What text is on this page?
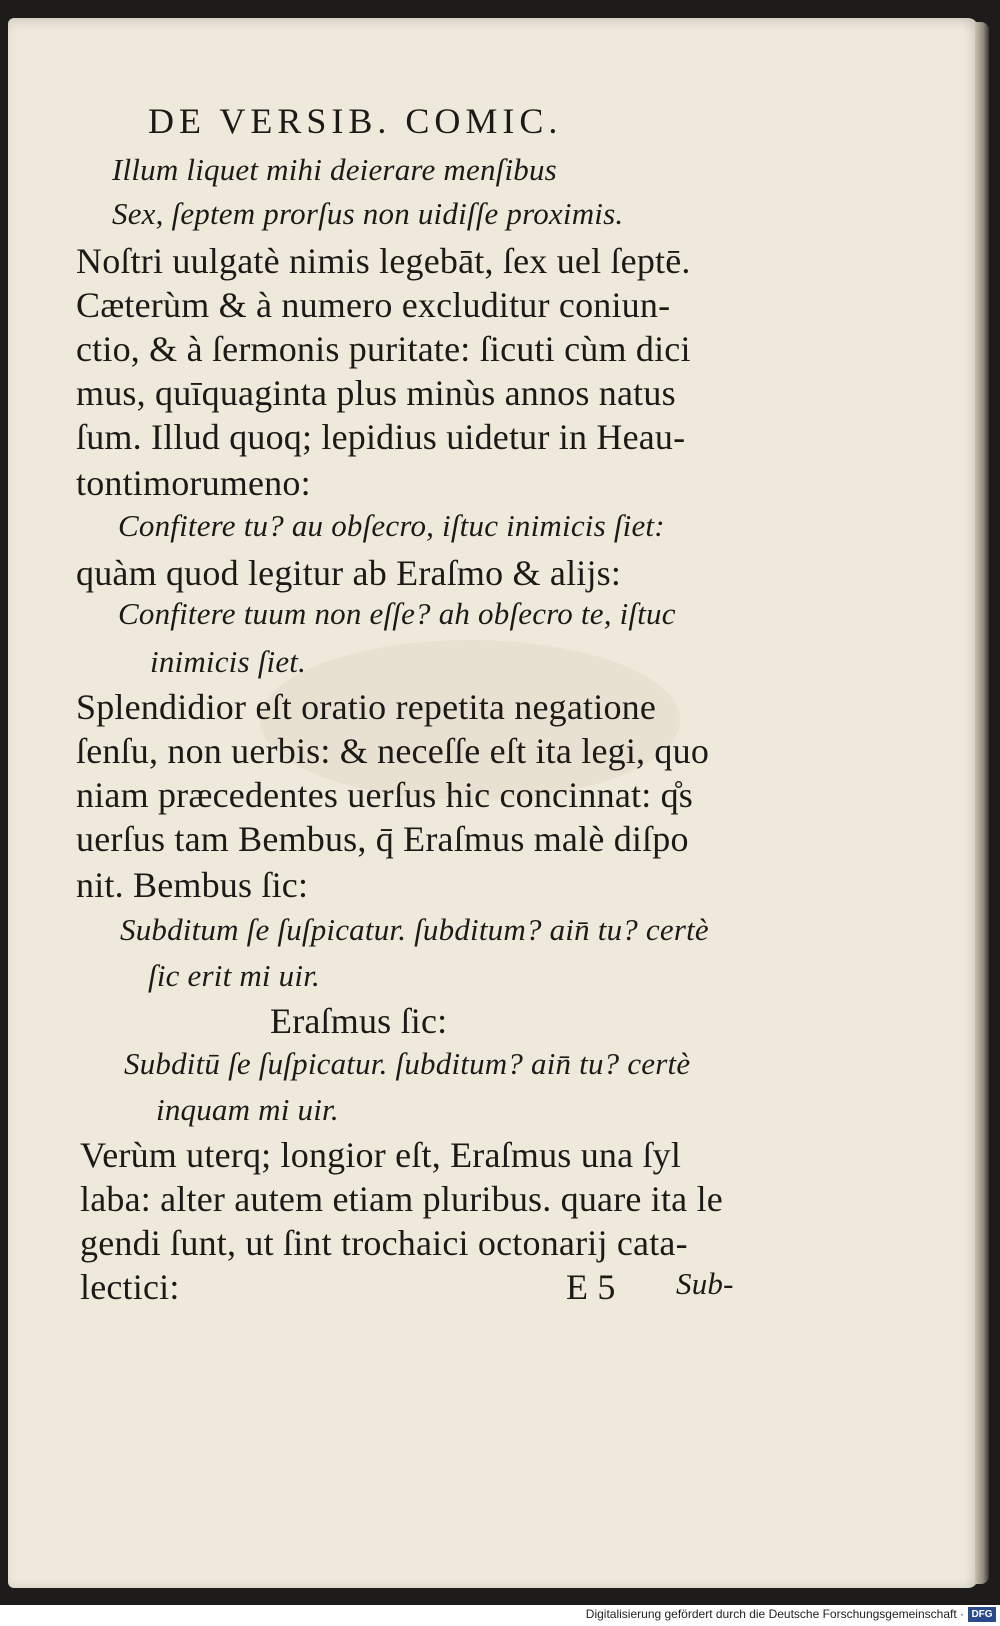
DE VERSIB. COMIC.
Illum liquet mihi deierare menſibus
Sex, ſeptem prorſus non uidiſſe proximis.
Noſtri uulgatè nimis legebāt, ſex uel ſeptē.
Cæterùm & à numero excluditur coniun-
ctio, & à ſermonis puritate: ſicuti cùm dici
mus, quīquaginta plus minùs annos natus
ſum. Illud quoq; lepidius uidetur in Heau-
tontimorumeno:
Confitere tu? au obſecro, iſtuc inimicis ſiet:
quàm quod legitur ab Eraſmo & alijs:
Confitere tuum non eſſe? ah obſecro te, iſtuc
inimicis ſiet.
Splendidior eſt oratio repetita negatione
ſenſu, non uerbis: & neceſſe eſt ita legi, quo
niam præcedentes uerſus hic concinnat: q̊s
uerſus tam Bembus, q̄ Eraſmus malè diſpo
nit. Bembus ſic:
Subditum ſe ſuſpicatur. ſubditum? ain̄ tu? certè
ſic erit mi uir.
Eraſmus ſic:
Subditū ſe ſuſpicatur. ſubditum? ain̄ tu? certè
inquam mi uir.
Verùm uterq; longior eſt, Eraſmus una ſyl
laba: alter autem etiam pluribus. quare ita le
gendi ſunt, ut ſint trochaici octonarij cata-
lectici:	E 5 Sub-
Digitalisierung gefördert durch die Deutsche Forschungsgemeinschaft · DFG
